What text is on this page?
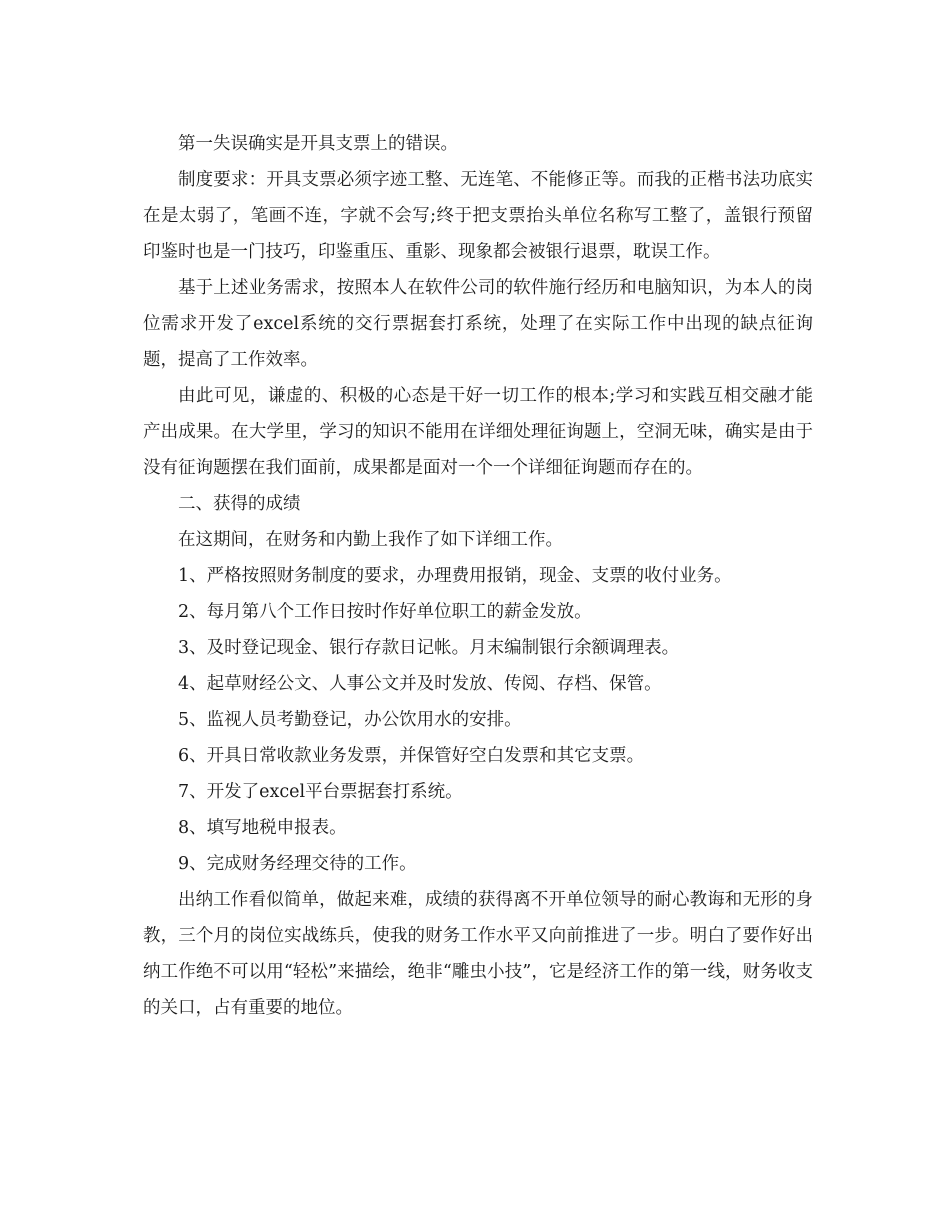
第一失误确实是开具支票上的错误。

制度要求：开具支票必须字迹工整、无连笔、不能修正等。而我的正楷书法功底实在是太弱了，笔画不连，字就不会写;终于把支票抬头单位名称写工整了，盖银行预留印鉴时也是一门技巧，印鉴重压、重影、现象都会被银行退票，耽误工作。

基于上述业务需求，按照本人在软件公司的软件施行经历和电脑知识，为本人的岗位需求开发了excel系统的交行票据套打系统，处理了在实际工作中出现的缺点征询题，提高了工作效率。

由此可见，谦虚的、积极的心态是干好一切工作的根本;学习和实践互相交融才能产出成果。在大学里，学习的知识不能用在详细处理征询题上，空洞无味，确实是由于没有征询题摆在我们面前，成果都是面对一个一个详细征询题而存在的。

二、获得的成绩

在这期间，在财务和内勤上我作了如下详细工作。

1、严格按照财务制度的要求，办理费用报销，现金、支票的收付业务。

2、每月第八个工作日按时作好单位职工的薪金发放。

3、及时登记现金、银行存款日记帐。月末编制银行余额调理表。

4、起草财经公文、人事公文并及时发放、传阅、存档、保管。

5、监视人员考勤登记，办公饮用水的安排。

6、开具日常收款业务发票，并保管好空白发票和其它支票。

7、开发了excel平台票据套打系统。

8、填写地税申报表。

9、完成财务经理交待的工作。

出纳工作看似简单，做起来难，成绩的获得离不开单位领导的耐心教诲和无形的身教，三个月的岗位实战练兵，使我的财务工作水平又向前推进了一步。明白了要作好出纳工作绝不可以用“轻松”来描绘，绝非“雕虫小技”，它是经济工作的第一线，财务收支的关口，占有重要的地位。
